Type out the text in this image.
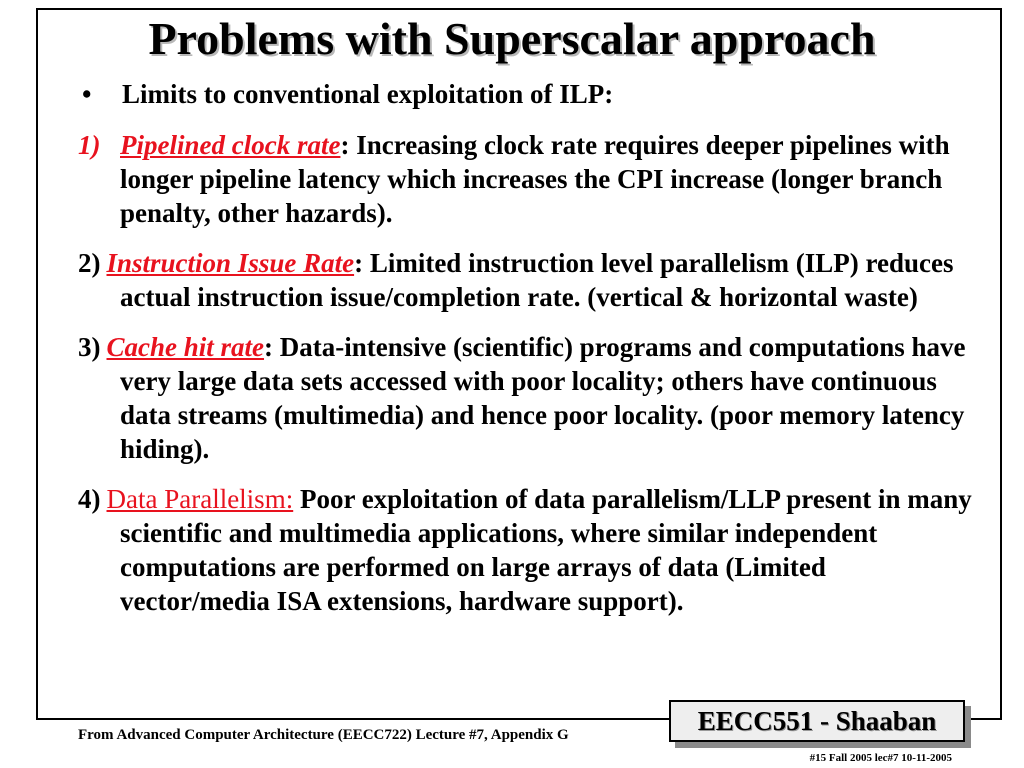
Problems with Superscalar approach
•	Limits to conventional exploitation of ILP:
1) Pipelined clock rate: Increasing clock rate requires deeper pipelines with longer pipeline latency which increases the CPI increase (longer branch penalty, other hazards).
2) Instruction Issue Rate: Limited instruction level parallelism (ILP) reduces actual instruction issue/completion rate. (vertical & horizontal waste)
3) Cache hit rate: Data-intensive (scientific) programs and computations have very large data sets accessed with poor locality; others have continuous data streams (multimedia) and hence poor locality. (poor memory latency hiding).
4) Data Parallelism: Poor exploitation of data parallelism/LLP present in many scientific and multimedia applications, where similar independent computations are performed on large arrays of data (Limited vector/media ISA extensions, hardware support).
EECC551 - Shaaban
From Advanced Computer Architecture (EECC722) Lecture #7, Appendix G
#15 Fall 2005 lec#7 10-11-2005
